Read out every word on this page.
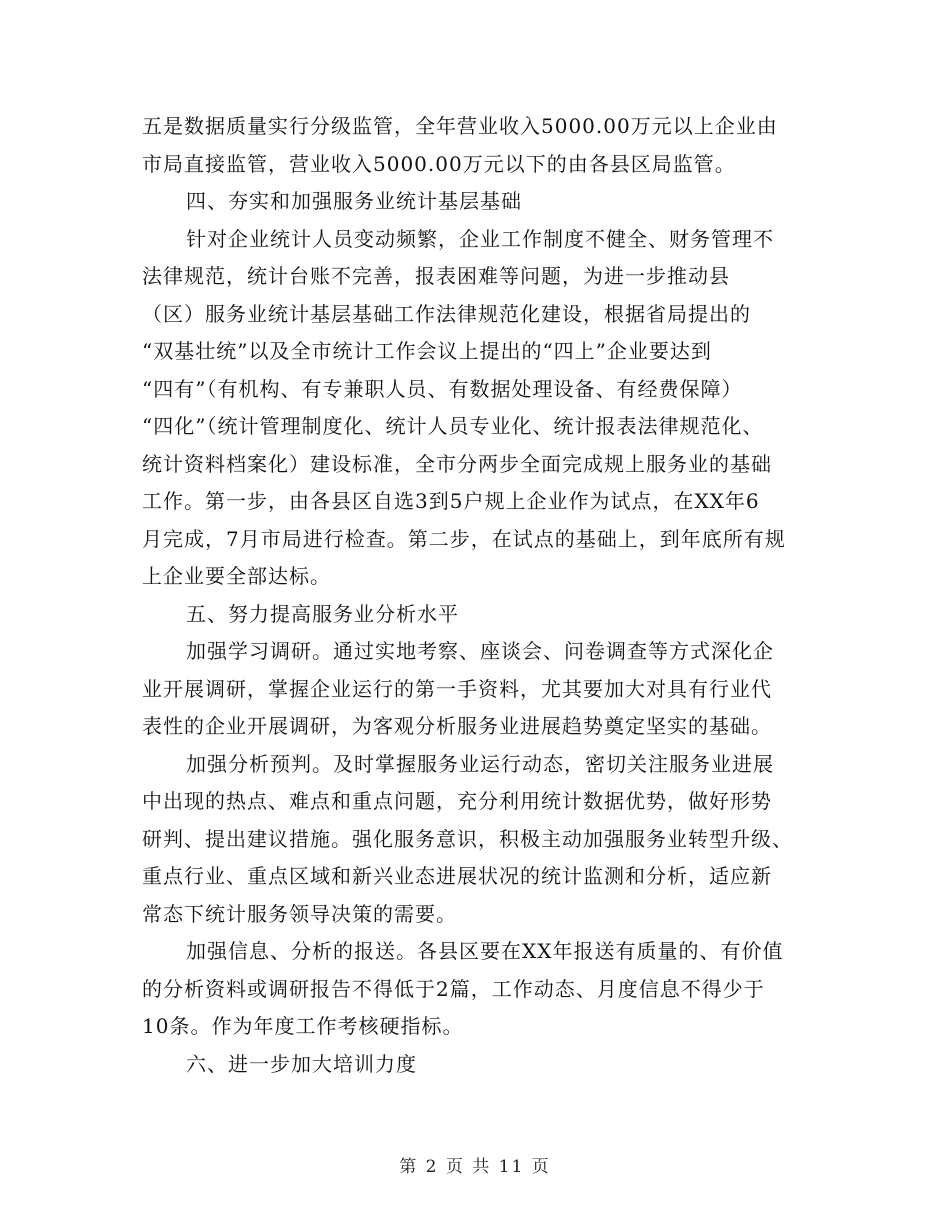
五是数据质量实行分级监管，全年营业收入5000.00万元以上企业由
市局直接监管，营业收入5000.00万元以下的由各县区局监管。
四、夯实和加强服务业统计基层基础
针对企业统计人员变动频繁，企业工作制度不健全、财务管理不
法律规范，统计台账不完善，报表困难等问题，为进一步推动县
（区）服务业统计基层基础工作法律规范化建设，根据省局提出的
“双基壮统”以及全市统计工作会议上提出的“四上”企业要达到
“四有”（有机构、有专兼职人员、有数据处理设备、有经费保障）
“四化”（统计管理制度化、统计人员专业化、统计报表法律规范化、
统计资料档案化）建设标准，全市分两步全面完成规上服务业的基础
工作。第一步，由各县区自选3到5户规上企业作为试点，在XX年6
月完成，7月市局进行检查。第二步，在试点的基础上，到年底所有规
上企业要全部达标。
五、努力提高服务业分析水平
加强学习调研。通过实地考察、座谈会、问卷调查等方式深化企
业开展调研，掌握企业运行的第一手资料，尤其要加大对具有行业代
表性的企业开展调研，为客观分析服务业进展趋势奠定坚实的基础。
加强分析预判。及时掌握服务业运行动态，密切关注服务业进展
中出现的热点、难点和重点问题，充分利用统计数据优势，做好形势
研判、提出建议措施。强化服务意识，积极主动加强服务业转型升级、
重点行业、重点区域和新兴业态进展状况的统计监测和分析，适应新
常态下统计服务领导决策的需要。
加强信息、分析的报送。各县区要在XX年报送有质量的、有价值
的分析资料或调研报告不得低于2篇，工作动态、月度信息不得少于
10条。作为年度工作考核硬指标。
六、进一步加大培训力度
第 2 页 共 11 页
